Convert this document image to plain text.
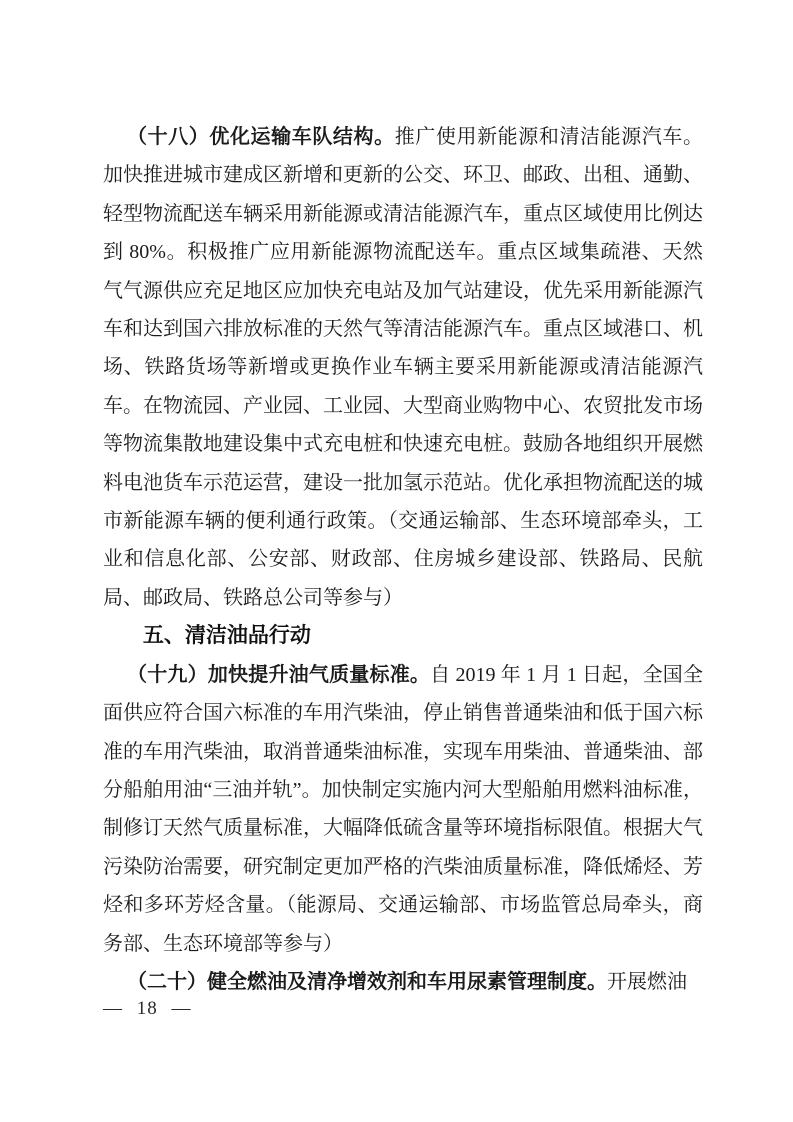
（十八）优化运输车队结构。推广使用新能源和清洁能源汽车。加快推进城市建成区新增和更新的公交、环卫、邮政、出租、通勤、轻型物流配送车辆采用新能源或清洁能源汽车，重点区域使用比例达到 80%。积极推广应用新能源物流配送车。重点区域集疏港、天然气气源供应充足地区应加快充电站及加气站建设，优先采用新能源汽车和达到国六排放标准的天然气等清洁能源汽车。重点区域港口、机场、铁路货场等新增或更换作业车辆主要采用新能源或清洁能源汽车。在物流园、产业园、工业园、大型商业购物中心、农贸批发市场等物流集散地建设集中式充电桩和快速充电桩。鼓励各地组织开展燃料电池货车示范运营，建设一批加氢示范站。优化承担物流配送的城市新能源车辆的便利通行政策。（交通运输部、生态环境部牵头，工业和信息化部、公安部、财政部、住房城乡建设部、铁路局、民航局、邮政局、铁路总公司等参与）

五、清洁油品行动

（十九）加快提升油气质量标准。自 2019 年 1 月 1 日起，全国全面供应符合国六标准的车用汽柴油，停止销售普通柴油和低于国六标准的车用汽柴油，取消普通柴油标准，实现车用柴油、普通柴油、部分船舶用油“三油并轨”。加快制定实施内河大型船舶用燃料油标准，制修订天然气质量标准，大幅降低硫含量等环境指标限值。根据大气污染防治需要，研究制定更加严格的汽柴油质量标准，降低烯烃、芳烃和多环芳烃含量。（能源局、交通运输部、市场监管总局牵头，商务部、生态环境部等参与）

（二十）健全燃油及清净增效剂和车用尿素管理制度。开展燃油

— 18 —
